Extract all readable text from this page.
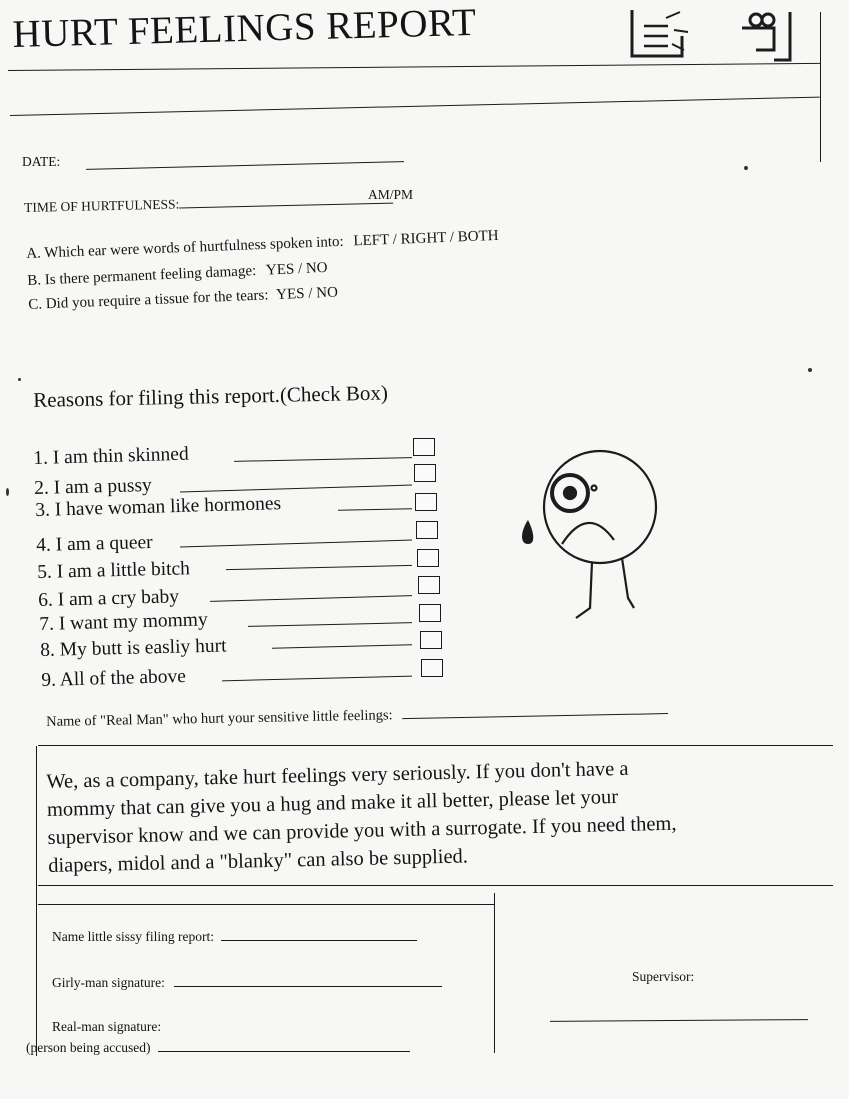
HURT FEELINGS REPORT
DATE:
TIME OF HURTFULNESS:
AM/PM
A. Which ear were words of hurtfulness spoken into: LEFT / RIGHT / BOTH
B. Is there permanent feeling damage: YES / NO
C. Did you require a tissue for the tears: YES / NO
Reasons for filing this report.(Check Box)
1. I am thin skinned
2. I am a pussy
3. I have woman like hormones
4. I am a queer
5. I am a little bitch
6. I am a cry baby
7. I want my mommy
8. My butt is easliy hurt
9. All of the above
Name of "Real Man" who hurt your sensitive little feelings:
We, as a company, take hurt feelings very seriously. If you don't have a
mommy that can give you a hug and make it all better, please let your
supervisor know and we can provide you with a surrogate. If you need them,
diapers, midol and a "blanky" can also be supplied.
Name little sissy filing report:
Girly-man signature:
Real-man signature:
(person being accused)
Supervisor:
